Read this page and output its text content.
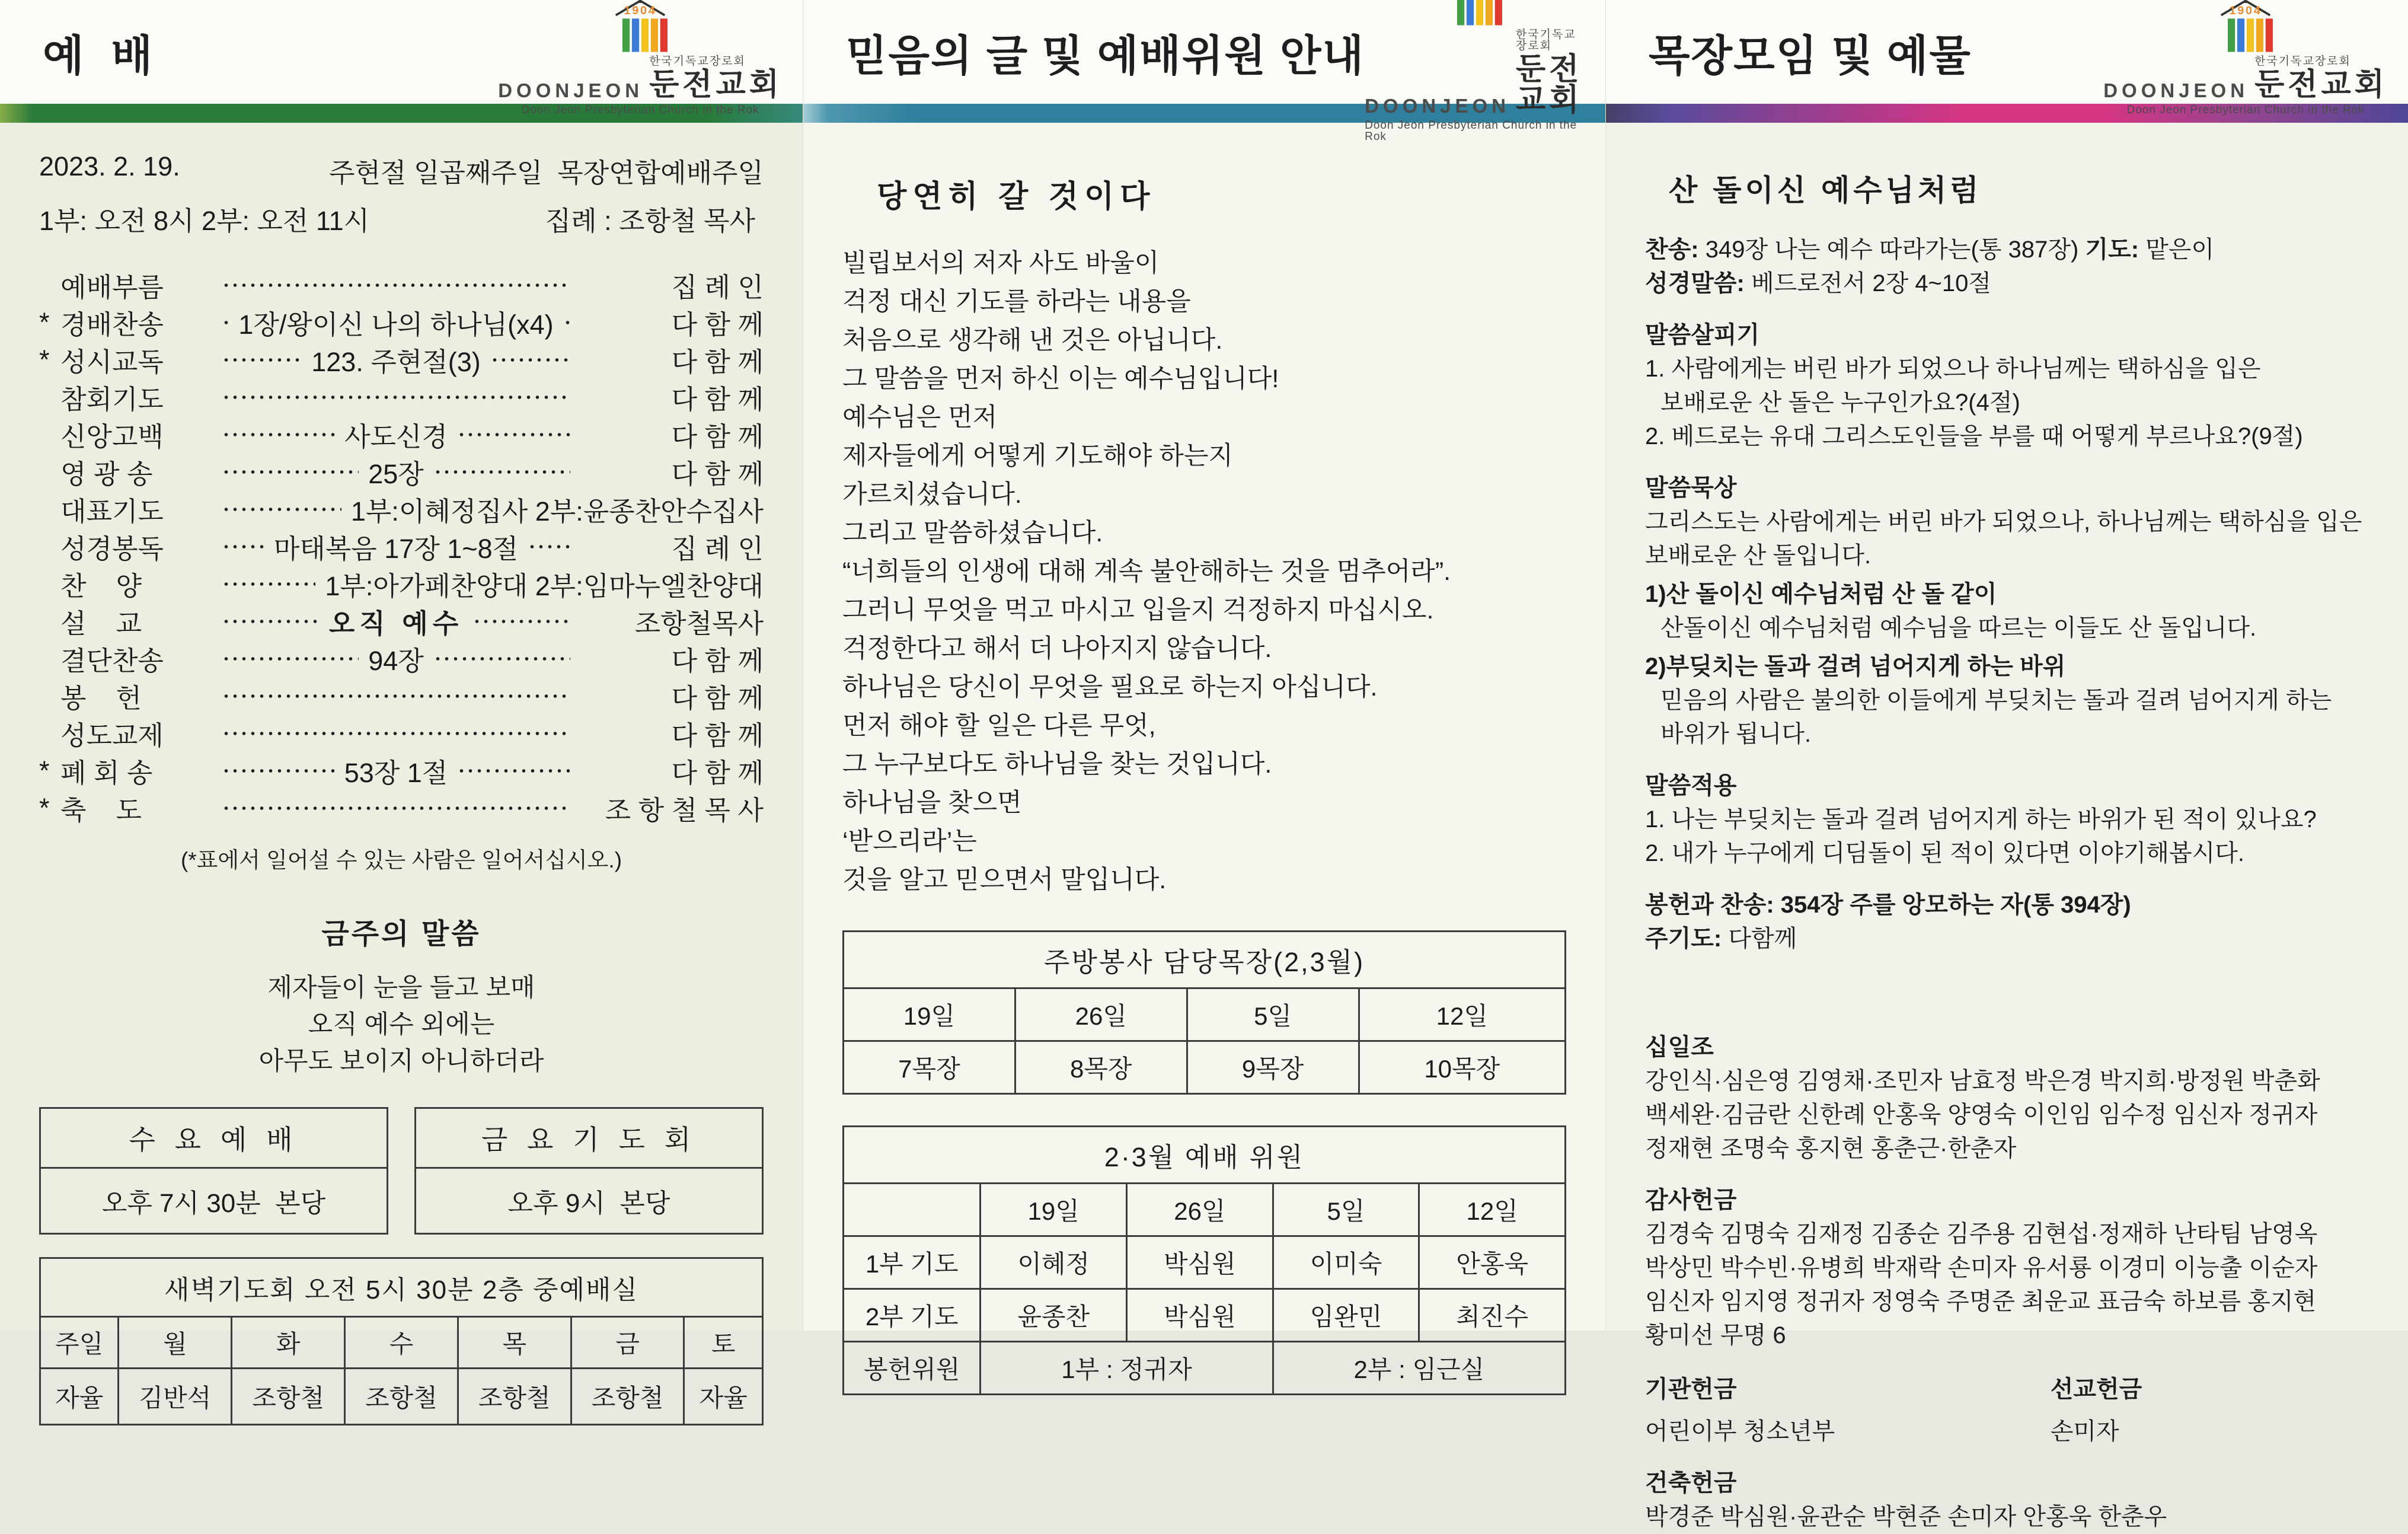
예  배
1904
DOONJEON
한국기독교장로회
둔전교회
Doon Jeon Presbyterian Church in the Rok
2023. 2. 19.	주현절 일곱째주일  목장연합예배주일
1부: 오전 8시 2부: 오전 11시	집례 : 조항철 목사
예배부름	집 례 인
* 경배찬송	1장/왕이신 나의 하나님(x4)	다 함 께
* 성시교독	123. 주현절(3)	다 함 께
참회기도	다 함 께
신앙고백	사도신경	다 함 께
영 광 송	25장	다 함 께
대표기도	1부:이혜정집사 2부:윤종찬안수집사
성경봉독	마태복음 17장 1~8절	집 례 인
찬    양	1부:아가페찬양대 2부:임마누엘찬양대
설    교	오직 예수	조항철목사
결단찬송	94장	다 함 께
봉    헌	다 함 께
성도교제	다 함 께
* 폐 회 송	53장 1절	다 함 께
* 축    도	조 항 철 목 사
(*표에서 일어설 수 있는 사람은 일어서십시오.)
금주의 말씀
제자들이 눈을 들고 보매
오직 예수 외에는
아무도 보이지 아니하더라
수 요 예 배
오후 7시 30분  본당
금 요 기 도 회
오후 9시  본당
새벽기도회 오전 5시 30분 2층 중예배실						
주일	월	화	수	목	금	토
자율	김반석	조항철	조항철	조항철	조항철	자율
믿음의 글 및 예배위원 안내
DOONJEON
한국기독교장로회
둔전교회
Doon Jeon Presbyterian Church in the Rok
당연히 갈 것이다
빌립보서의 저자 사도 바울이
걱정 대신 기도를 하라는 내용을
처음으로 생각해 낸 것은 아닙니다.
그 말씀을 먼저 하신 이는 예수님입니다!
예수님은 먼저
제자들에게 어떻게 기도해야 하는지
가르치셨습니다.
그리고 말씀하셨습니다.
“너희들의 인생에 대해 계속 불안해하는 것을 멈추어라”.
그러니 무엇을 먹고 마시고 입을지 걱정하지 마십시오.
걱정한다고 해서 더 나아지지 않습니다.
하나님은 당신이 무엇을 필요로 하는지 아십니다.
먼저 해야 할 일은 다른 무엇,
그 누구보다도 하나님을 찾는 것입니다.
하나님을 찾으면
‘받으리라’는
것을 알고 믿으면서 말입니다.
주방봉사 담당목장(2,3월)			
19일	26일	5일	12일
7목장	8목장	9목장	10목장
2·3월 예배 위원				
	19일	26일	5일	12일
1부 기도	이혜정	박심원	이미숙	안홍욱
2부 기도	윤종찬	박심원	임완민	최진수
봉헌위원	1부 : 정귀자		2부 : 임근실	
목장모임 및 예물
1904
DOONJEON
한국기독교장로회
둔전교회
Doon Jeon Presbyterian Church in the Rok
산 돌이신 예수님처럼
찬송: 349장 나는 예수 따라가는(통 387장) 기도: 맡은이
성경말씀: 베드로전서 2장 4~10절
말씀살피기
1. 사람에게는 버린 바가 되었으나 하나님께는 택하심을 입은
보배로운 산 돌은 누구인가요?(4절)
2. 베드로는 유대 그리스도인들을 부를 때 어떻게 부르나요?(9절)
말씀묵상
그리스도는 사람에게는 버린 바가 되었으나, 하나님께는 택하심을 입은
보배로운 산 돌입니다.
1)산 돌이신 예수님처럼 산 돌 같이
산돌이신 예수님처럼 예수님을 따르는 이들도 산 돌입니다.
2)부딪치는 돌과 걸려 넘어지게 하는 바위
믿음의 사람은 불의한 이들에게 부딪치는 돌과 걸려 넘어지게 하는
바위가 됩니다.
말씀적용
1. 나는 부딪치는 돌과 걸려 넘어지게 하는 바위가 된 적이 있나요?
2. 내가 누구에게 디딤돌이 된 적이 있다면 이야기해봅시다.
봉헌과 찬송: 354장 주를 앙모하는 자(통 394장)
주기도: 다함께
십일조
강인식·심은영 김영채·조민자 남효정 박은경 박지희·방정원 박춘화
백세완·김금란 신한례 안홍욱 양영숙 이인임 임수정 임신자 정귀자
정재현 조명숙 홍지현 홍춘근·한춘자
감사헌금
김경숙 김명숙 김재정 김종순 김주용 김현섭·정재하 난타팀 남영옥
박상민 박수빈·유병희 박재락 손미자 유서룡 이경미 이능출 이순자
임신자 임지영 정귀자 정영숙 주명준 최운교 표금숙 하보름 홍지현
황미선 무명 6
기관헌금
어린이부 청소년부
선교헌금
손미자
건축헌금
박경준 박심원·윤관순 박현준 손미자 안홍욱 한춘우
